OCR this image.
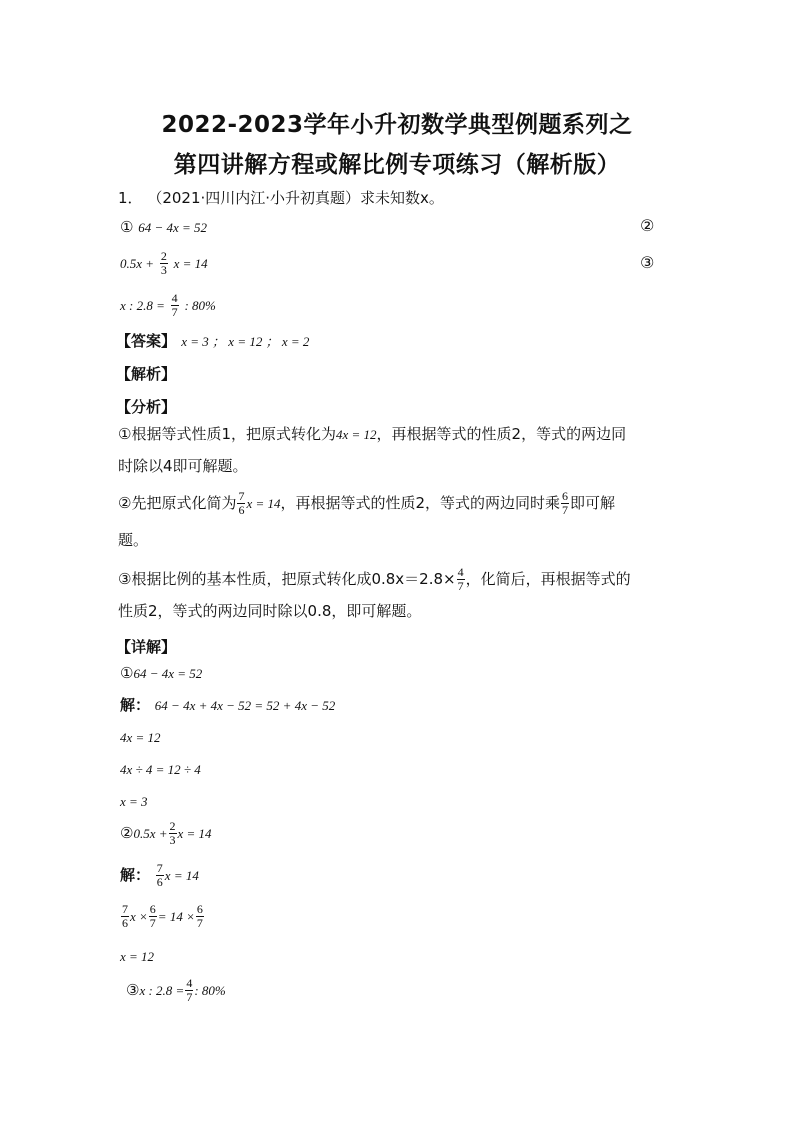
2022-2023学年小升初数学典型例题系列之
第四讲解方程或解比例专项练习（解析版）
1． （2021·四川内江·小升初真题）求未知数x。
① 64 − 4x = 52	②
$0.5x + \frac{2}{3}$ x = 14	③
x : $2.8 = \frac{4}{7}$ : 80%
【答案】 x = 3 ； x = 12 ； x = 2
【解析】
【分析】
①根据等式性质1，把原式转化为4x = 12，再根据等式的性质2，等式的两边同
时除以4即可解题。
②先把原式化简为 $\frac{7}{6}$ x = 14，再根据等式的性质2，等式的两边同时乘 $\frac{6}{7}$ 即可解
题。
③根据比例的基本性质，把原式转化成$0.8x=2.8\times \frac{4}{7}$ ，化简后，再根据等式的
性质2，等式的两边同时除以0.8，即可解题。
【详解】
①64 − 4x = 52
解： 64 − 4x + 4x − 52 = 52 + 4x − 52
4x = 12
4x ÷ 4 = 12 ÷ 4
x = 3
②0.5x + $\frac{2}{3}$ x = 14
解： $\frac{7}{6}$ x = 14
$\frac{7}{6}$ $x \times \frac{6}{7} = 14 \times \frac{6}{7}$
x = 12
③x : $2.8 = \frac{4}{7}$ : 80%
